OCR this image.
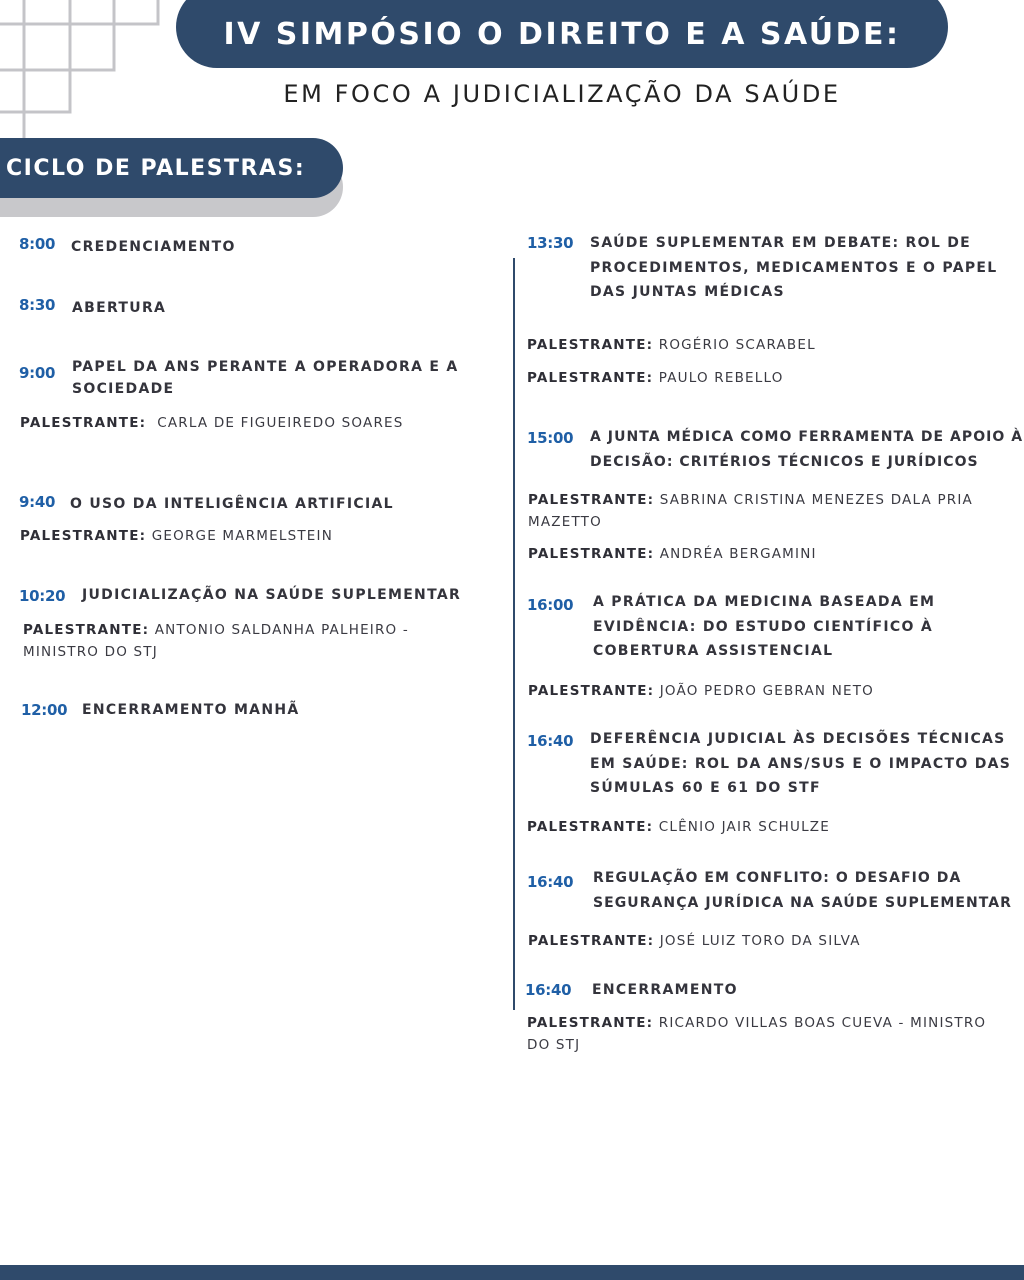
IV SIMPÓSIO O DIREITO E A SAÚDE:
EM FOCO A JUDICIALIZAÇÃO DA SAÚDE
CICLO DE PALESTRAS:
8:00 CREDENCIAMENTO
8:30 ABERTURA
9:00 PAPEL DA ANS PERANTE A OPERADORA E A SOCIEDADE
PALESTRANTE: CARLA DE FIGUEIREDO SOARES
9:40 O USO DA INTELIGÊNCIA ARTIFICIAL
PALESTRANTE: GEORGE MARMELSTEIN
10:20 JUDICIALIZAÇÃO NA SAÚDE SUPLEMENTAR
PALESTRANTE: ANTONIO SALDANHA PALHEIRO - MINISTRO DO STJ
12:00 ENCERRAMENTO MANHÃ
13:30 SAÚDE SUPLEMENTAR EM DEBATE: ROL DE PROCEDIMENTOS, MEDICAMENTOS E O PAPEL DAS JUNTAS MÉDICAS
PALESTRANTE: ROGÉRIO SCARABEL
PALESTRANTE: PAULO REBELLO
15:00 A JUNTA MÉDICA COMO FERRAMENTA DE APOIO À DECISÃO: CRITÉRIOS TÉCNICOS E JURÍDICOS
PALESTRANTE: SABRINA CRISTINA MENEZES DALA PRIA MAZETTO
PALESTRANTE: ANDRÉA BERGAMINI
16:00 A PRÁTICA DA MEDICINA BASEADA EM EVIDÊNCIA: DO ESTUDO CIENTÍFICO À COBERTURA ASSISTENCIAL
PALESTRANTE: JOÃO PEDRO GEBRAN NETO
16:40 DEFERÊNCIA JUDICIAL ÀS DECISÕES TÉCNICAS EM SAÚDE: ROL DA ANS/SUS E O IMPACTO DAS SÚMULAS 60 E 61 DO STF
PALESTRANTE: CLÊNIO JAIR SCHULZE
16:40 REGULAÇÃO EM CONFLITO: O DESAFIO DA SEGURANÇA JURÍDICA NA SAÚDE SUPLEMENTAR
PALESTRANTE: JOSÉ LUIZ TORO DA SILVA
16:40 ENCERRAMENTO
PALESTRANTE: RICARDO VILLAS BOAS CUEVA - MINISTRO DO STJ
